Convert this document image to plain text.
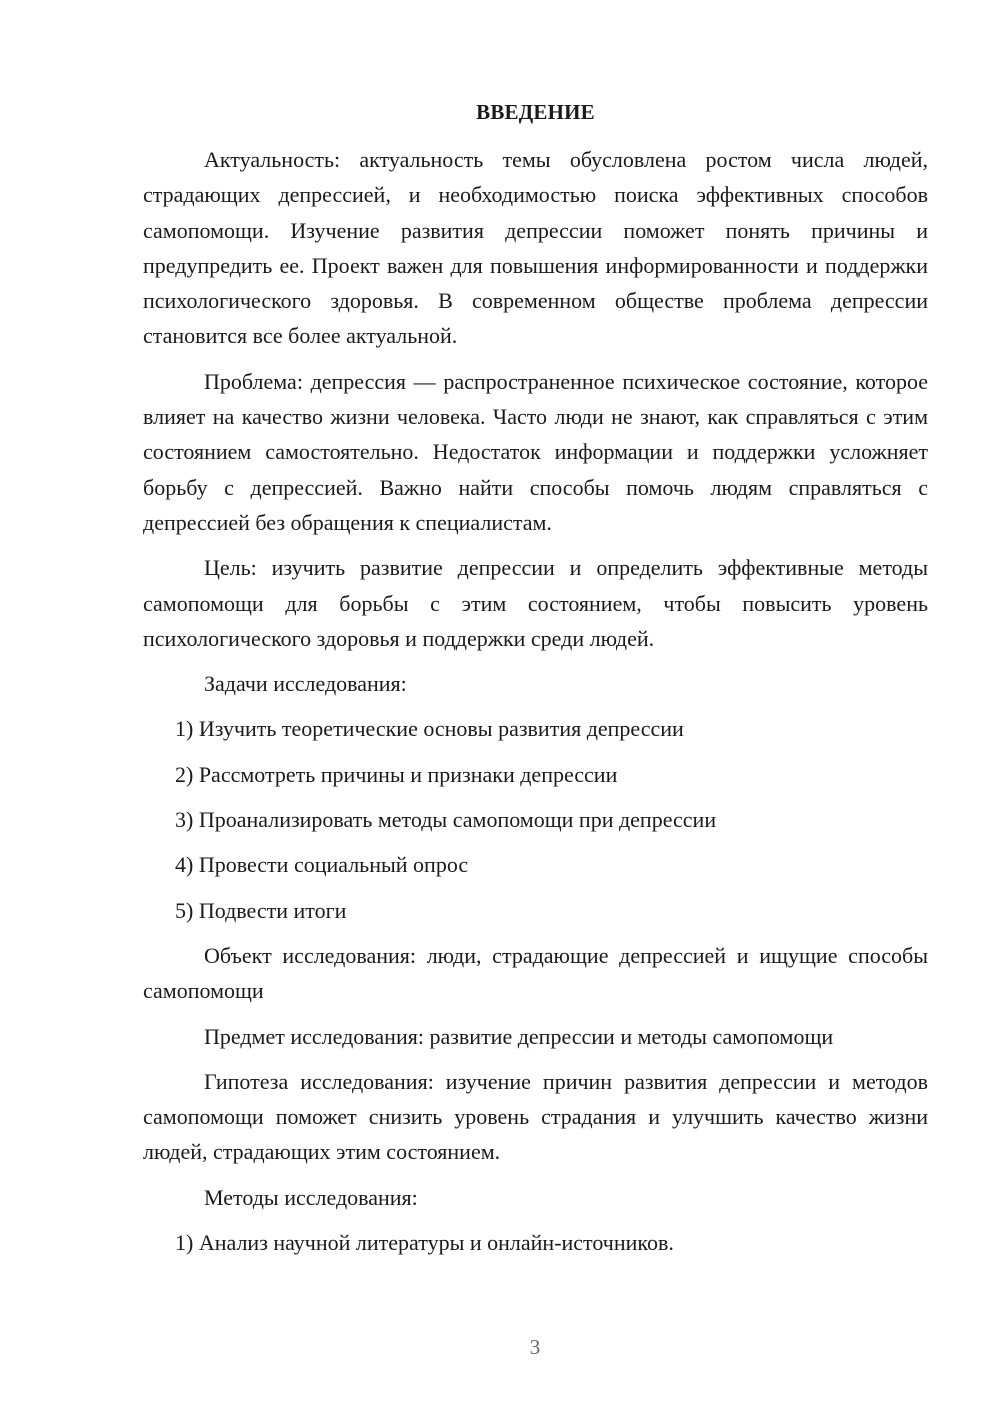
ВВЕДЕНИЕ

Актуальность: актуальность темы обусловлена ростом числа людей, страдающих депрессией, и необходимостью поиска эффективных способов самопомощи. Изучение развития депрессии поможет понять причины и предупредить ее. Проект важен для повышения информированности и поддержки психологического здоровья. В современном обществе проблема депрессии становится все более актуальной.

Проблема: депрессия — распространенное психическое состояние, которое влияет на качество жизни человека. Часто люди не знают, как справляться с этим состоянием самостоятельно. Недостаток информации и поддержки усложняет борьбу с депрессией. Важно найти способы помочь людям справляться с депрессией без обращения к специалистам.

Цель: изучить развитие депрессии и определить эффективные методы самопомощи для борьбы с этим состоянием, чтобы повысить уровень психологического здоровья и поддержки среди людей.

Задачи исследования:

1) Изучить теоретические основы развития депрессии
2) Рассмотреть причины и признаки депрессии
3) Проанализировать методы самопомощи при депрессии
4) Провести социальный опрос
5) Подвести итоги

Объект исследования: люди, страдающие депрессией и ищущие способы самопомощи

Предмет исследования: развитие депрессии и методы самопомощи

Гипотеза исследования: изучение причин развития депрессии и методов самопомощи поможет снизить уровень страдания и улучшить качество жизни людей, страдающих этим состоянием.

Методы исследования:

1) Анализ научной литературы и онлайн-источников.
3
